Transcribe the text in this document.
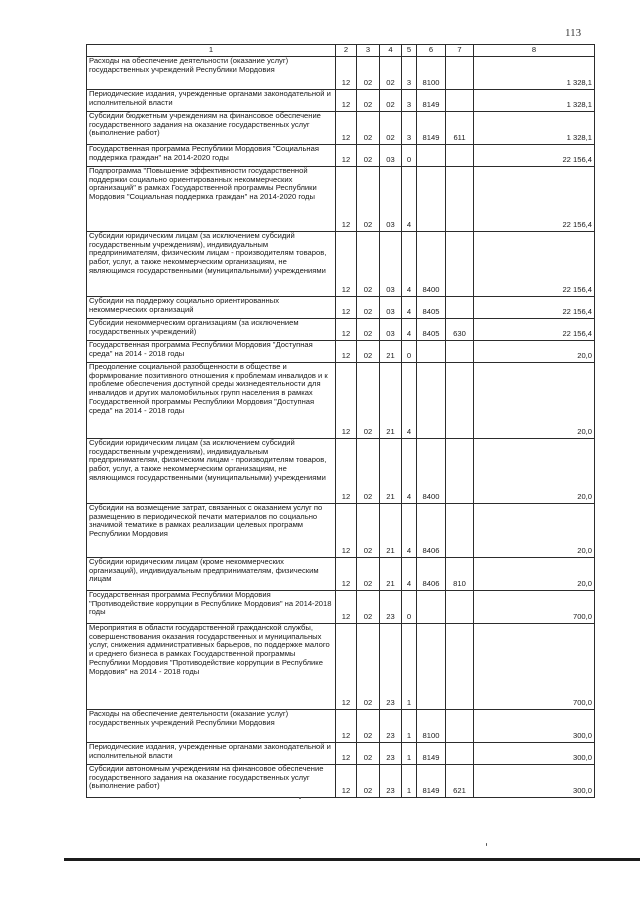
113
1	2	3	4	5	6	7	8
Расходы на обеспечение деятельности (оказание услуг) государственных учреждений Республики Мордовия	12	02	02	3	8100		1 328,1
Периодические издания, учрежденные органами законодательной и исполнительной власти	12	02	02	3	8149		1 328,1
Субсидии бюджетным учреждениям на финансовое обеспечение государственного задания на оказание государственных услуг (выполнение работ)	12	02	02	3	8149	611	1 328,1
Государственная программа Республики Мордовия "Социальная поддержка граждан" на 2014-2020 годы	12	02	03	0			22 156,4
Подпрограмма "Повышение эффективности государственной поддержки социально ориентированных некоммерческих организаций" в рамках Государственной программы Республики Мордовия "Социальная поддержка граждан" на 2014-2020 годы	12	02	03	4			22 156,4
Субсидии юридическим лицам (за исключением субсидий государственным учреждениям), индивидуальным предпринимателям, физическим лицам - производителям товаров, работ, услуг, а также некоммерческим организациям, не являющимся государственными (муниципальными) учреждениями	12	02	03	4	8400		22 156,4
Субсидии на поддержку социально ориентированных некоммерческих организаций	12	02	03	4	8405		22 156,4
Субсидии некоммерческим организациям (за исключением государственных учреждений)	12	02	03	4	8405	630	22 156,4
Государственная программа Республики Мордовия "Доступная среда" на 2014 - 2018 годы	12	02	21	0			20,0
Преодоление социальной разобщенности в обществе и формирование позитивного отношения к проблемам инвалидов и к проблеме обеспечения доступной среды жизнедеятельности для инвалидов и других маломобильных групп населения в рамках Государственной программы Республики Мордовия "Доступная среда" на 2014 - 2018 годы	12	02	21	4			20,0
Субсидии юридическим лицам (за исключением субсидий государственным учреждениям), индивидуальным предпринимателям, физическим лицам - производителям товаров, работ, услуг, а также некоммерческим организациям, не являющимся государственными (муниципальными) учреждениями	12	02	21	4	8400		20,0
Субсидии на возмещение затрат, связанных с оказанием услуг по размещению в периодической печати материалов по социально значимой тематике в рамках реализации целевых программ Республики Мордовия	12	02	21	4	8406		20,0
Субсидии юридическим лицам (кроме некоммерческих организаций), индивидуальным предпринимателям, физическим лицам	12	02	21	4	8406	810	20,0
Государственная программа Республики Мордовия "Противодействие коррупции в Республике Мордовия" на 2014-2018 годы	12	02	23	0			700,0
Мероприятия в области государственной гражданской службы, совершенствования оказания государственных и муниципальных услуг, снижения административных барьеров, по поддержке малого и среднего бизнеса в рамках Государственной программы Республики Мордовия "Противодействие коррупции в Республике Мордовия" на 2014 - 2018 годы	12	02	23	1			700,0
Расходы на обеспечение деятельности (оказание услуг) государственных учреждений Республики Мордовия	12	02	23	1	8100		300,0
Периодические издания, учрежденные органами законодательной и исполнительной власти	12	02	23	1	8149		300,0
Субсидии автономным учреждениям на финансовое обеспечение государственного задания на оказание государственных услуг (выполнение работ)	12	02	23	1	8149	621	300,0
